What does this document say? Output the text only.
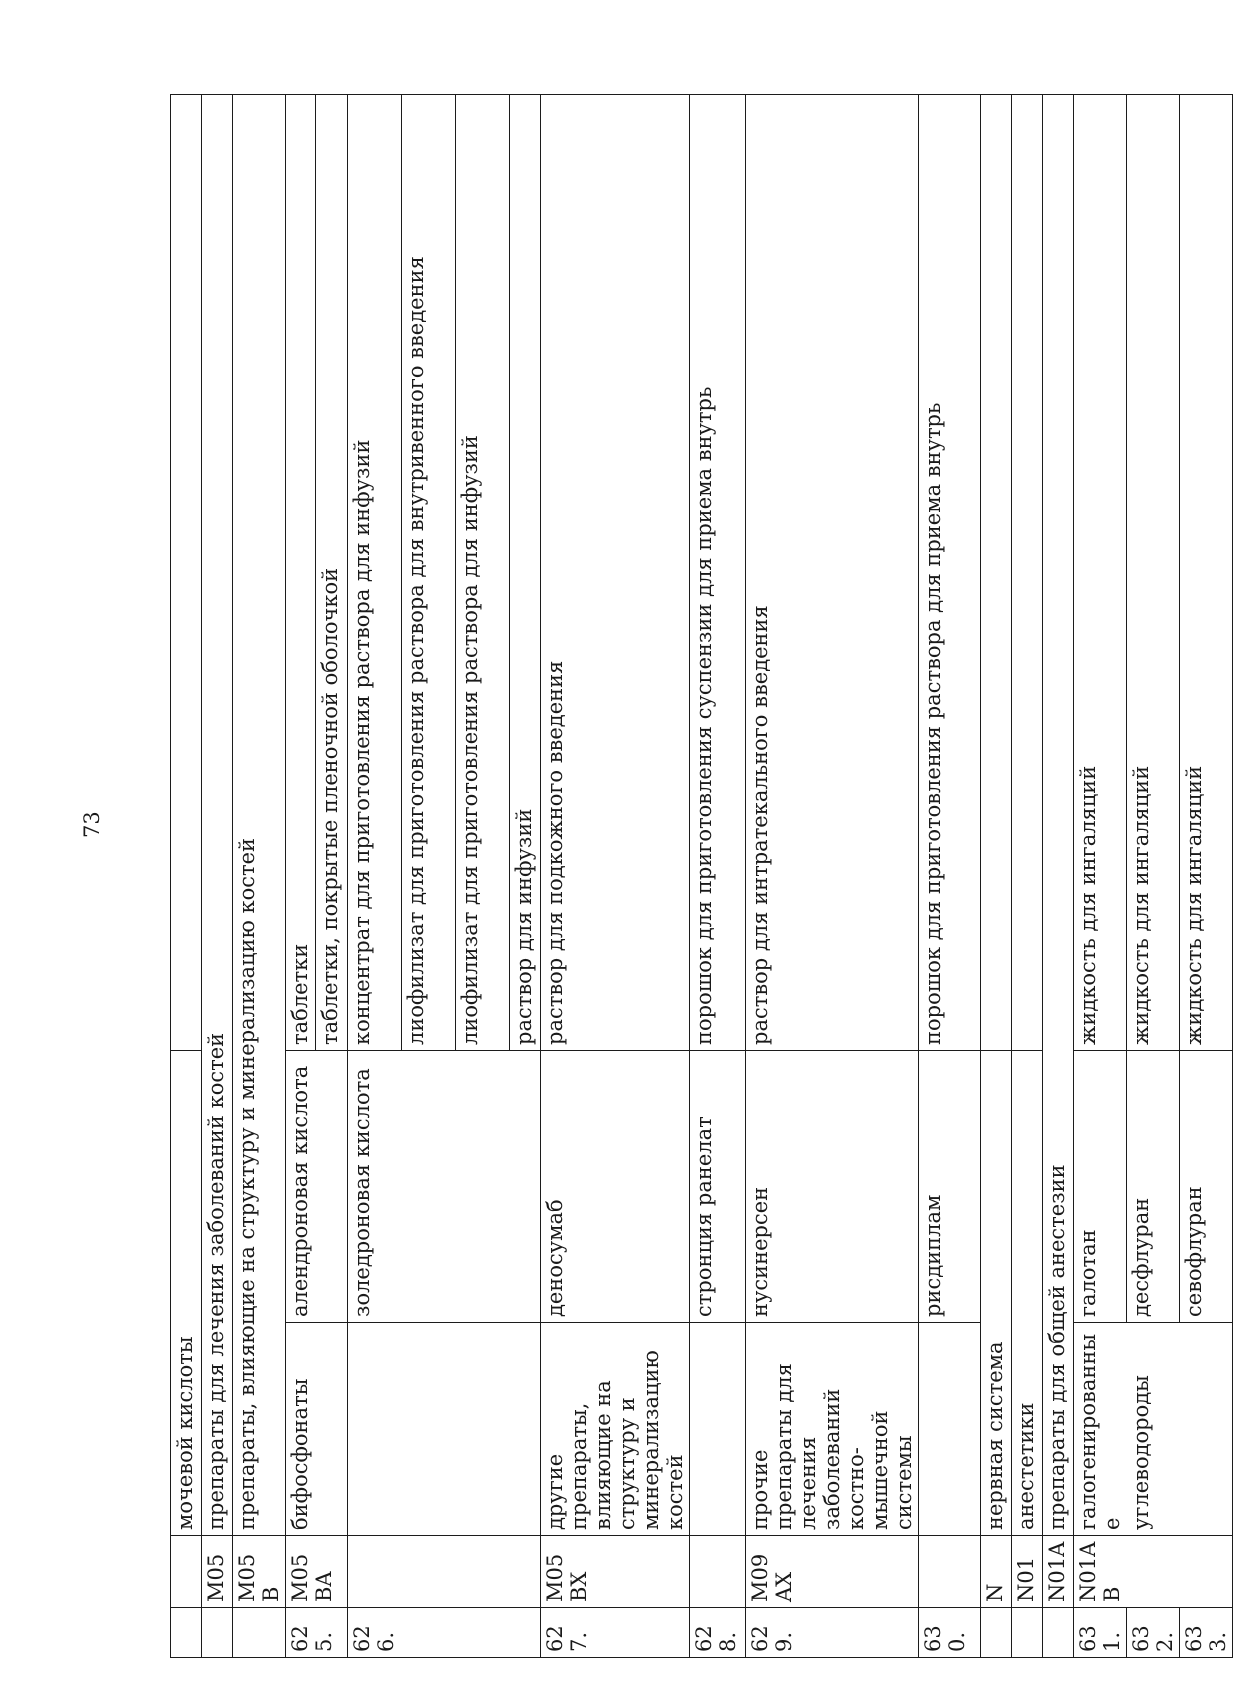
73
		мочевой кислоты		
	M05	препараты для лечения заболеваний костей		
	M05B	препараты, влияющие на структуру и минерализацию костей		
625.	M05BA	бифосфонаты	алендроновая кислота	таблетки
				таблетки, покрытые пленочной оболочкой
626.			золедроновая кислота	концентрат для приготовления раствора для инфузий
				лиофилизат для приготовления раствора для внутривенного введения
				лиофилизат для приготовления раствора для инфузий
				раствор для инфузий
627.	M05BX	другие препараты, влияющие на структуру и минерализацию костей	деносумаб	раствор для подкожного введения
628.			стронция ранелат	порошок для приготовления суспензии для приема внутрь
629.	M09AX	прочие препараты для лечения заболеваний костно-мышечной системы	нусинерсен	раствор для интратекального введения
630.			рисдиплам	порошок для приготовления раствора для приема внутрь
	N	нервная система		
	N01	анестетики		
	N01A	препараты для общей анестезии		
631.	N01AB	галогенированные	галотан	жидкость для ингаляций
632.		углеводороды	десфлуран	жидкость для ингаляций
633.			севофлуран	жидкость для ингаляций
